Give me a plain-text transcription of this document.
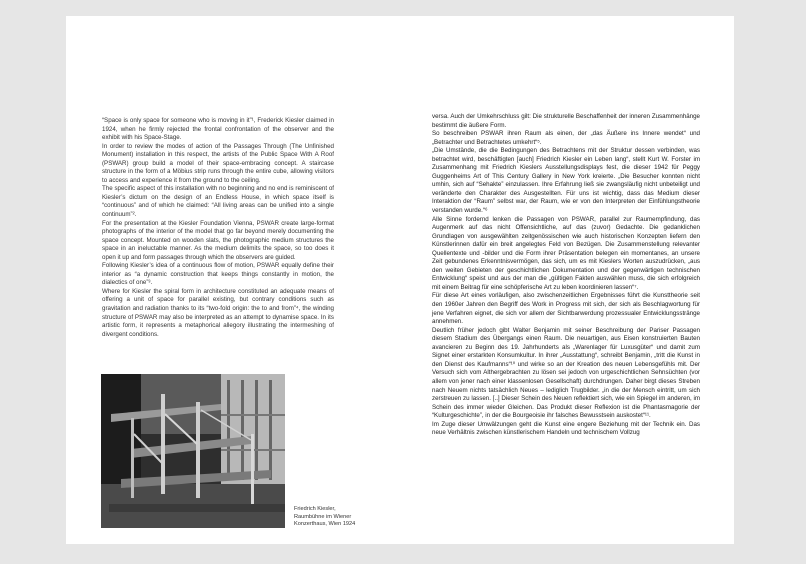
“Space is only space for someone who is moving in it”¹, Frederick Kiesler claimed in 1924, when he firmly rejected the frontal confrontation of the observer and the exhibit with his Space-Stage.

In order to review the modes of action of the Passages Through (The Unfinished Monument) installation in this respect, the artists of the Public Space With A Roof (PSWAR) group build a model of their space-embracing concept. A staircase structure in the form of a Möbius strip runs through the entire cube, allowing visitors to access and experience it from the ground to the ceiling.

The specific aspect of this installation with no beginning and no end is reminiscent of Kiesler’s dictum on the design of an Endless House, in which space itself is “continuous” and of which he claimed: “All living areas can be unified into a single continuum”².

For the presentation at the Kiesler Foundation Vienna, PSWAR create large-format photographs of the interior of the model that go far beyond merely documenting the space concept. Mounted on wooden slats, the photographic medium structures the space in an ineluctable manner. As the medium delimits the space, so too does it open it up and form passages through which the observers are guided.

Following Kiesler’s idea of a continuous flow of motion, PSWAR equally define their interior as “a dynamic construction that keeps things constantly in motion, the dialectics of one”³.

Where for Kiesler the spiral form in architecture constituted an adequate means of offering a unit of space for parallel existing, but contrary conditions such as gravitation and radiation thanks to its “two-fold origin: the to and from”⁴, the winding structure of PSWAR may also be interpreted as an attempt to dynamise space. In its artistic form, it represents a metaphorical allegory illustrating the intermeshing of divergent conditions.

Friedrich Kiesler,
Raumbühne im Wiener
Konzerthaus, Wien 1924

versa. Auch der Umkehrschluss gilt: Die strukturelle Beschaffenheit der inneren Zusammenhänge bestimmt die äußere Form.

So beschreiben PSWAR ihren Raum als einen, der „das Äußere ins Innere wendet“ und „Betrachter und Betrachtetes umkehrt“⁵.

„Die Umstände, die die Bedingungen des Betrachtens mit der Struktur dessen verbinden, was betrachtet wird, beschäftigten [auch] Friedrich Kiesler ein Leben lang“, stellt Kurt W. Forster im Zusammenhang mit Friedrich Kieslers Ausstellungsdisplays fest, die dieser 1942 für Peggy Guggenheims Art of This Century Gallery in New York kreierte. „Die Besucher konnten nicht umhin, sich auf “Sehakte” einzulassen. Ihre Erfahrung ließ sie zwangsläufig nicht unbeteiligt und veränderte den Charakter des Ausgestellten. Für uns ist wichtig, dass das Medium dieser Interaktion der “Raum” selbst war, der Raum, wie er von den Interpreten der Einfühlungstheorie verstanden wurde.“⁶

Alle Sinne fordernd lenken die Passagen von PSWAR, parallel zur Raumempfindung, das Augenmerk auf das nicht Offensichtliche, auf das (zuvor) Gedachte. Die gedanklichen Grundlagen von ausgewählten zeitgenössischen wie auch historischen Konzepten liefern den Künstlerinnen dafür ein breit angelegtes Feld von Bezügen. Die Zusammenstellung relevanter Quellentexte und -bilder und die Form ihrer Präsentation belegen ein momentanes, an unsere Zeit gebundenes Erkenntnisvermögen, das sich, um es mit Kieslers Worten auszudrücken, „aus den weiten Gebieten der geschichtlichen Dokumentation und der gegenwärtigen technischen Entwicklung“ speist und aus der man die „gültigen Fakten auswählen muss, die sich erfolgreich mit einem Beitrag für eine schöpferische Art zu leben koordinieren lassen“⁷.

Für diese Art eines vorläufigen, also zwischenzeitlichen Ergebnisses führt die Kunsttheorie seit den 1960er Jahren den Begriff des Work in Progress mit sich, der sich als Beschlagwortung für jene Verfahren eignet, die sich vor allem der Sichtbarwerdung prozessualer Entwicklungsstränge annehmen.

Deutlich früher jedoch gibt Walter Benjamin mit seiner Beschreibung der Pariser Passagen diesem Stadium des Übergangs einen Raum. Die neuartigen, aus Eisen konstruierten Bauten avancieren zu Beginn des 19. Jahrhunderts als „Warenlager für Luxusgüter“ und damit zum Signet einer erstarkten Konsumkultur. In ihrer „Ausstattung“, schreibt Benjamin, „tritt die Kunst in den Dienst des Kaufmanns“¹⁰ und wirke so an der Kreation des neuen Lebensgefühls mit. Der Versuch sich vom Althergebrachten zu lösen sei jedoch von urgeschichtlichen Sehnsüchten (vor allem von jener nach einer klassenlosen Gesellschaft) durchdrungen. Daher birgt dieses Streben nach Neuem nichts tatsächlich Neues – lediglich Trugbilder. „in die der Mensch eintritt, um sich zerstreuen zu lassen. [..] Dieser Schein des Neuen reflektiert sich, wie ein Spiegel im anderen, im Schein des immer wieder Gleichen. Das Produkt dieser Reflexion ist die Phantasmagorie der “Kulturgeschichte”, in der die Bourgeoisie ihr falsches Bewusstsein auskostet“¹¹.

Im Zuge dieser Umwälzungen geht die Kunst eine engere Beziehung mit der Technik ein. Das neue Verhältnis zwischen künstlerischem Handeln und technischem Vollzug
